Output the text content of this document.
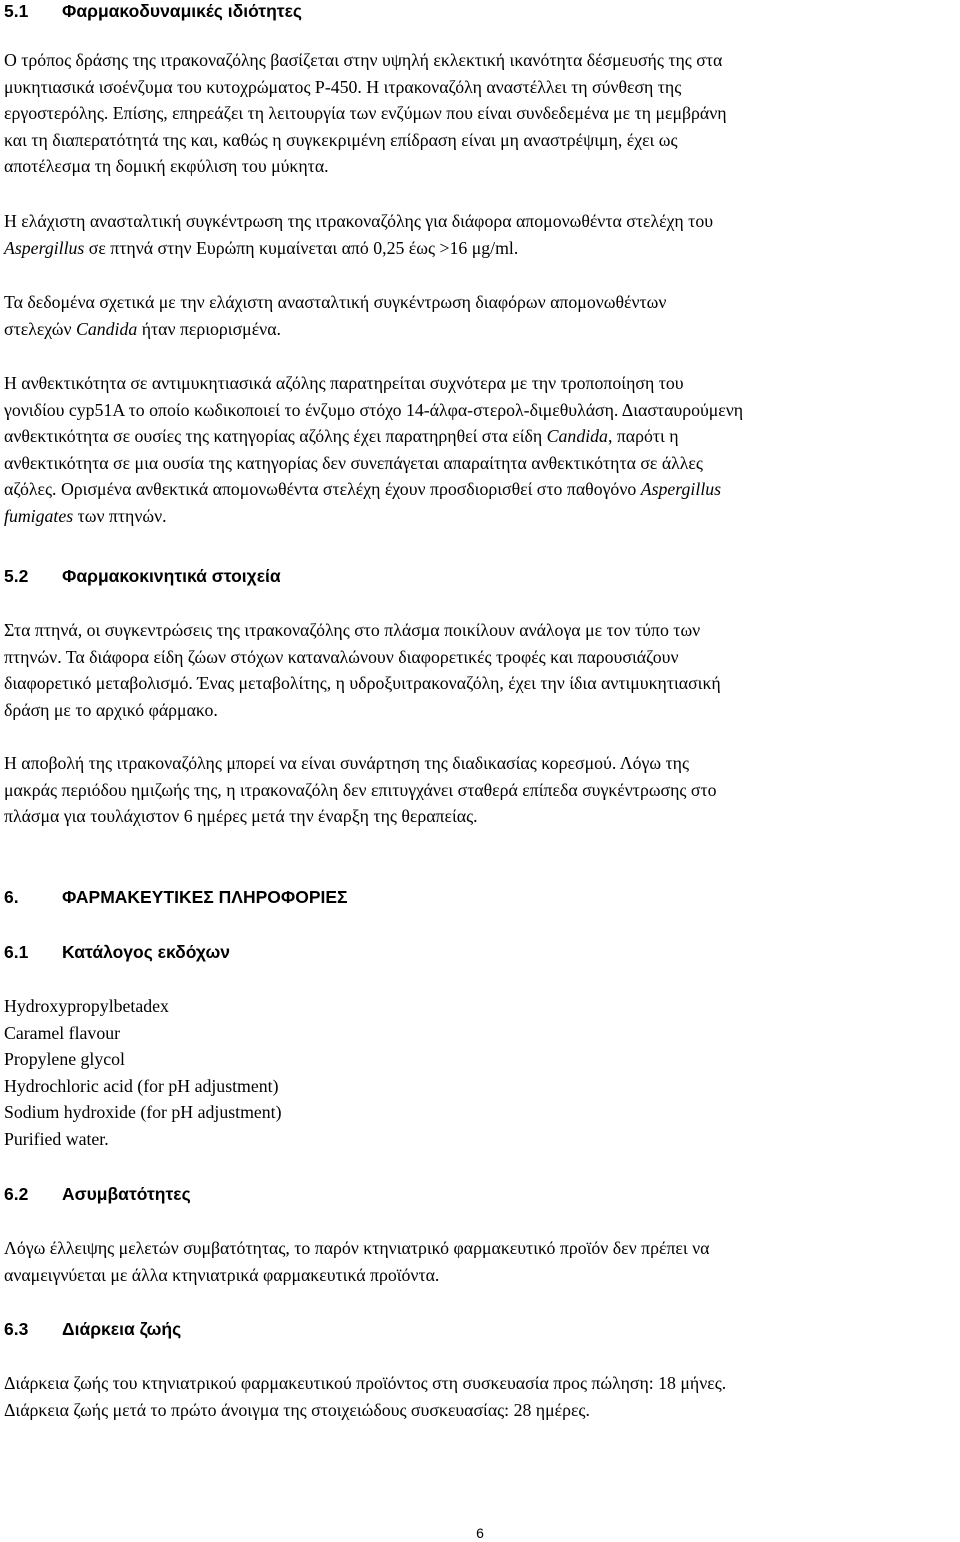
5.1 Φαρμακοδυναμικές ιδιότητες
Ο τρόπος δράσης της ιτρακοναζόλης βασίζεται στην υψηλή εκλεκτική ικανότητα δέσμευσής της στα
μυκητιασικά ισοένζυμα του κυτοχρώματος P-450. Η ιτρακοναζόλη αναστέλλει τη σύνθεση της
εργοστερόλης. Επίσης, επηρεάζει τη λειτουργία των ενζύμων που είναι συνδεδεμένα με τη μεμβράνη
και τη διαπερατότητά της και, καθώς η συγκεκριμένη επίδραση είναι μη αναστρέψιμη, έχει ως
αποτέλεσμα τη δομική εκφύλιση του μύκητα.
Η ελάχιστη ανασταλτική συγκέντρωση της ιτρακοναζόλης για διάφορα απομονωθέντα στελέχη του
Aspergillus σε πτηνά στην Ευρώπη κυμαίνεται από 0,25 έως >16 μg/ml.
Τα δεδομένα σχετικά με την ελάχιστη ανασταλτική συγκέντρωση διαφόρων απομονωθέντων
στελεχών Candida ήταν περιορισμένα.
Η ανθεκτικότητα σε αντιμυκητιασικά αζόλης παρατηρείται συχνότερα με την τροποποίηση του
γονιδίου cyp51A το οποίο κωδικοποιεί το ένζυμο στόχο 14-άλφα-στερολ-διμεθυλάση. Διασταυρούμενη
ανθεκτικότητα σε ουσίες της κατηγορίας αζόλης έχει παρατηρηθεί στα είδη Candida, παρότι η
ανθεκτικότητα σε μια ουσία της κατηγορίας δεν συνεπάγεται απαραίτητα ανθεκτικότητα σε άλλες
αζόλες. Ορισμένα ανθεκτικά απομονωθέντα στελέχη έχουν προσδιορισθεί στο παθογόνο Aspergillus
fumigates των πτηνών.
5.2 Φαρμακοκινητικά στοιχεία
Στα πτηνά, οι συγκεντρώσεις της ιτρακοναζόλης στο πλάσμα ποικίλουν ανάλογα με τον τύπο των
πτηνών. Τα διάφορα είδη ζώων στόχων καταναλώνουν διαφορετικές τροφές και παρουσιάζουν
διαφορετικό μεταβολισμό. Ένας μεταβολίτης, η υδροξυιτρακοναζόλη, έχει την ίδια αντιμυκητιασική
δράση με το αρχικό φάρμακο.
Η αποβολή της ιτρακοναζόλης μπορεί να είναι συνάρτηση της διαδικασίας κορεσμού. Λόγω της
μακράς περιόδου ημιζωής της, η ιτρακοναζόλη δεν επιτυγχάνει σταθερά επίπεδα συγκέντρωσης στο
πλάσμα για τουλάχιστον 6 ημέρες μετά την έναρξη της θεραπείας.
6. ΦΑΡΜΑΚΕΥΤΙΚΕΣ ΠΛΗΡΟΦΟΡΙΕΣ
6.1 Κατάλογος εκδόχων
Hydroxypropylbetadex
Caramel flavour
Propylene glycol
Hydrochloric acid (for pH adjustment)
Sodium hydroxide (for pH adjustment)
Purified water.
6.2 Ασυμβατότητες
Λόγω έλλειψης μελετών συμβατότητας, το παρόν κτηνιατρικό φαρμακευτικό προϊόν δεν πρέπει να
αναμειγνύεται με άλλα κτηνιατρικά φαρμακευτικά προϊόντα.
6.3 Διάρκεια ζωής
Διάρκεια ζωής του κτηνιατρικού φαρμακευτικού προϊόντος στη συσκευασία προς πώληση: 18 μήνες.
Διάρκεια ζωής μετά το πρώτο άνοιγμα της στοιχειώδους συσκευασίας: 28 ημέρες.
6
